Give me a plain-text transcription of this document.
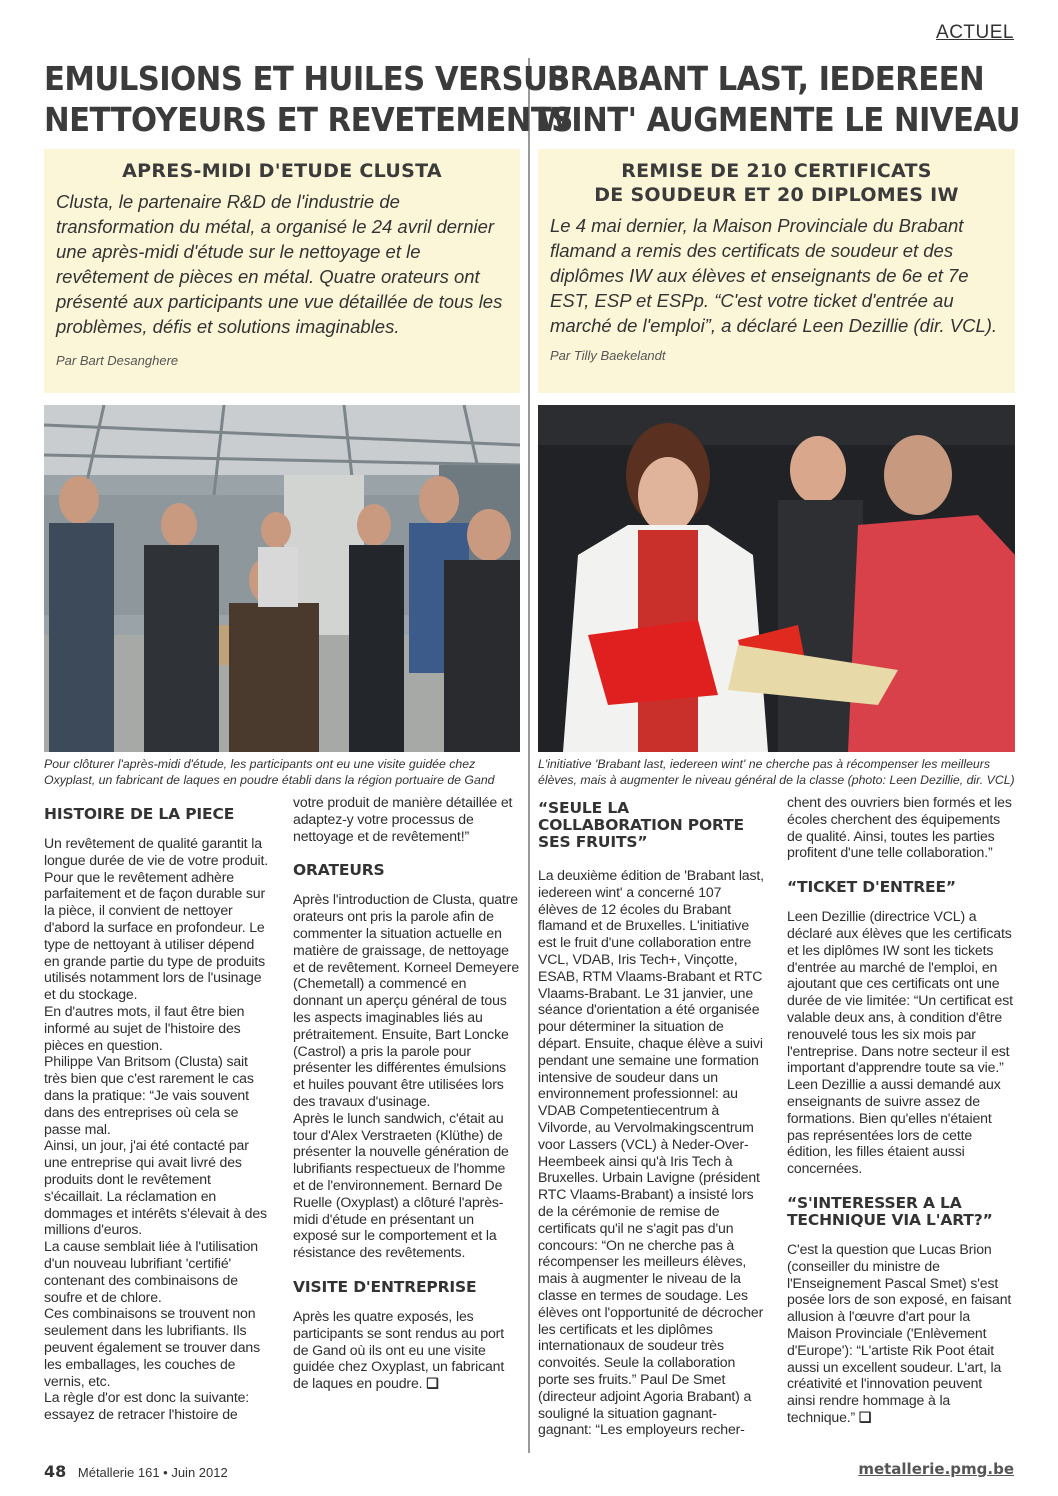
ACTUEL
EMULSIONS ET HUILES VERSUS
NETTOYEURS ET REVETEMENTS
APRES-MIDI D'ETUDE CLUSTA

Clusta, le partenaire R&D de l'industrie de transformation du métal, a organisé le 24 avril dernier une après-midi d'étude sur le nettoyage et le revêtement de pièces en métal. Quatre orateurs ont présenté aux participants une vue détaillée de tous les problèmes, défis et solutions imaginables.

Par Bart Desanghere
Pour clôturer l'après-midi d'étude, les participants ont eu une visite guidée chez Oxyplast, un fabricant de laques en poudre établi dans la région portuaire de Gand
HISTOIRE DE LA PIECE

Un revêtement de qualité garantit la longue durée de vie de votre produit. Pour que le revêtement adhère parfaitement et de façon durable sur la pièce, il convient de nettoyer d'abord la surface en profondeur. Le type de nettoyant à utiliser dépend en grande partie du type de produits utilisés notamment lors de l'usinage et du stockage.

En d'autres mots, il faut être bien informé au sujet de l'histoire des pièces en question.

Philippe Van Britsom (Clusta) sait très bien que c'est rarement le cas dans la pratique: “Je vais souvent dans des entreprises où cela se passe mal.

Ainsi, un jour, j'ai été contacté par une entreprise qui avait livré des produits dont le revêtement s'écaillait. La réclamation en dommages et intérêts s'élevait à des millions d'euros.

La cause semblait liée à l'utilisation d'un nouveau lubrifiant 'certifié' contenant des combinaisons de soufre et de chlore.

Ces combinaisons se trouvent non seulement dans les lubrifiants. Ils peuvent également se trouver dans les emballages, les couches de vernis, etc.

La règle d'or est donc la suivante: essayez de retracer l'histoire de

votre produit de manière détaillée et adaptez-y votre processus de nettoyage et de revêtement!”

ORATEURS

Après l'introduction de Clusta, quatre orateurs ont pris la parole afin de commenter la situation actuelle en matière de graissage, de nettoyage et de revêtement. Korneel Demeyere (Chemetall) a commencé en donnant un aperçu général de tous les aspects imaginables liés au prétraitement. Ensuite, Bart Loncke (Castrol) a pris la parole pour présenter les différentes émulsions et huiles pouvant être utilisées lors des travaux d'usinage.

Après le lunch sandwich, c'était au tour d'Alex Verstraeten (Klüthe) de présenter la nouvelle génération de lubrifiants respectueux de l'homme et de l'environnement. Bernard De Ruelle (Oxyplast) a clôturé l'après-midi d'étude en présentant un exposé sur le comportement et la résistance des revêtements.

VISITE D'ENTREPRISE

Après les quatre exposés, les participants se sont rendus au port de Gand où ils ont eu une visite guidée chez Oxyplast, un fabricant de laques en poudre. ❑

'BRABANT LAST, IEDEREEN
WINT' AUGMENTE LE NIVEAU
REMISE DE 210 CERTIFICATS
DE SOUDEUR ET 20 DIPLOMES IW

Le 4 mai dernier, la Maison Provinciale du Brabant flamand a remis des certificats de soudeur et des diplômes IW aux élèves et enseignants de 6e et 7e EST, ESP et ESPp. “C'est votre ticket d'entrée au marché de l'emploi”, a déclaré Leen Dezillie (dir. VCL).

Par Tilly Baekelandt
L'initiative 'Brabant last, iedereen wint' ne cherche pas à récompenser les meilleurs élèves, mais à augmenter le niveau général de la classe (photo: Leen Dezillie, dir. VCL)
“SEULE LA COLLABORATION PORTE SES FRUITS”

La deuxième édition de 'Brabant last, iedereen wint' a concerné 107 élèves de 12 écoles du Brabant flamand et de Bruxelles. L'initiative est le fruit d'une collaboration entre VCL, VDAB, Iris Tech+, Vinçotte, ESAB, RTM Vlaams-Brabant et RTC Vlaams-Brabant. Le 31 janvier, une séance d'orientation a été organisée pour déterminer la situation de départ. Ensuite, chaque élève a suivi pendant une semaine une formation intensive de soudeur dans un environnement professionnel: au VDAB Competentiecentrum à Vilvorde, au Vervolmakingscentrum voor Lassers (VCL) à Neder-Over-Heembeek ainsi qu'à Iris Tech à Bruxelles. Urbain Lavigne (président RTC Vlaams-Brabant) a insisté lors de la cérémonie de remise de certificats qu'il ne s'agit pas d'un concours: “On ne cherche pas à récompenser les meilleurs élèves, mais à augmenter le niveau de la classe en termes de soudage. Les élèves ont l'opportunité de décrocher les certificats et les diplômes internationaux de soudeur très convoités. Seule la collaboration porte ses fruits.” Paul De Smet (directeur adjoint Agoria Brabant) a souligné la situation gagnant-gagnant: “Les employeurs recher-

chent des ouvriers bien formés et les écoles cherchent des équipements de qualité. Ainsi, toutes les parties profitent d'une telle collaboration.”

“TICKET D'ENTREE”

Leen Dezillie (directrice VCL) a déclaré aux élèves que les certificats et les diplômes IW sont les tickets d'entrée au marché de l'emploi, en ajoutant que ces certificats ont une durée de vie limitée: “Un certificat est valable deux ans, à condition d'être renouvelé tous les six mois par l'entreprise. Dans notre secteur il est important d'apprendre toute sa vie.” Leen Dezillie a aussi demandé aux enseignants de suivre assez de formations. Bien qu'elles n'étaient pas représentées lors de cette édition, les filles étaient aussi concernées.

“S'INTERESSER A LA TECHNIQUE VIA L'ART?”

C'est la question que Lucas Brion (conseiller du ministre de l'Enseignement Pascal Smet) s'est posée lors de son exposé, en faisant allusion à l'œuvre d'art pour la Maison Provinciale ('Enlèvement d'Europe'): “L'artiste Rik Poot était aussi un excellent soudeur. L'art, la créativité et l'innovation peuvent ainsi rendre hommage à la technique.” ❑

48 Métallerie 161 • Juin 2012	metallerie.pmg.be
